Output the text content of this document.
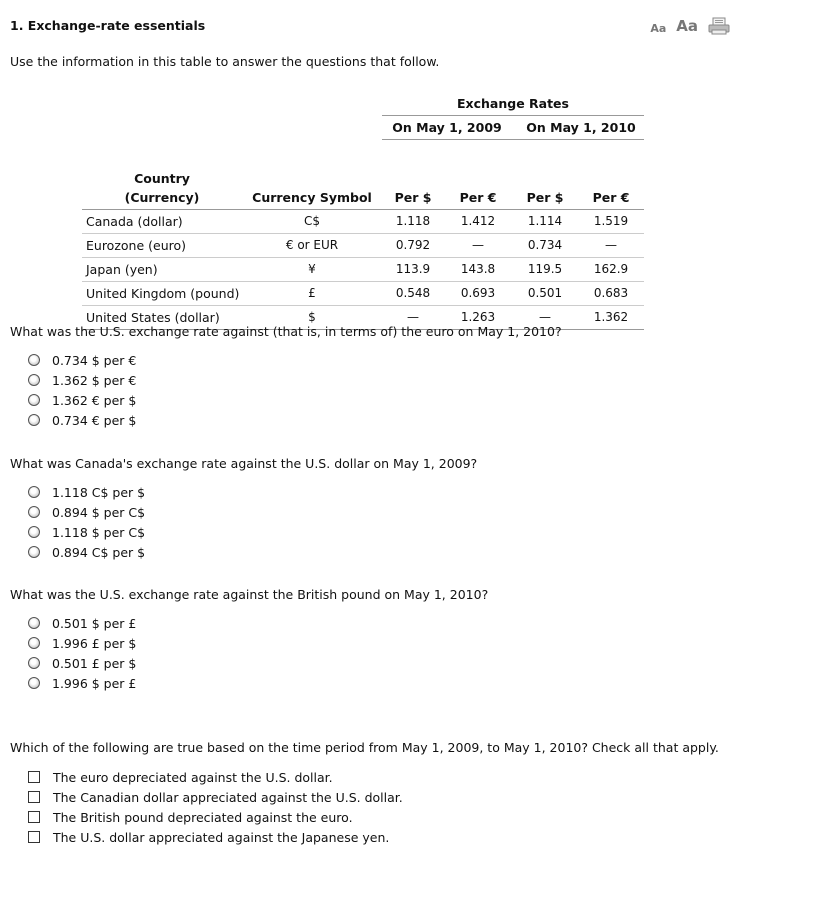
1. Exchange-rate essentials	Aa Aa
Use the information in this table to answer the questions that follow.
		Exchange Rates			
		On May 1, 2009		On May 1, 2010	

Country					
(Currency)	Currency Symbol	Per $	Per €	Per $	Per €
Canada (dollar)	C$	1.118	1.412	1.114	1.519
Eurozone (euro)	€ or EUR	0.792	—	0.734	—
Japan (yen)	¥	113.9	143.8	119.5	162.9
United Kingdom (pound)	£	0.548	0.693	0.501	0.683
United States (dollar)	$	—	1.263	—	1.362
What was the U.S. exchange rate against (that is, in terms of) the euro on May 1, 2010?
0.734 $ per €
1.362 $ per €
1.362 € per $
0.734 € per $
What was Canada's exchange rate against the U.S. dollar on May 1, 2009?
1.118 C$ per $
0.894 $ per C$
1.118 $ per C$
0.894 C$ per $
What was the U.S. exchange rate against the British pound on May 1, 2010?
0.501 $ per £
1.996 £ per $
0.501 £ per $
1.996 $ per £
Which of the following are true based on the time period from May 1, 2009, to May 1, 2010? Check all that apply.
The euro depreciated against the U.S. dollar.
The Canadian dollar appreciated against the U.S. dollar.
The British pound depreciated against the euro.
The U.S. dollar appreciated against the Japanese yen.
